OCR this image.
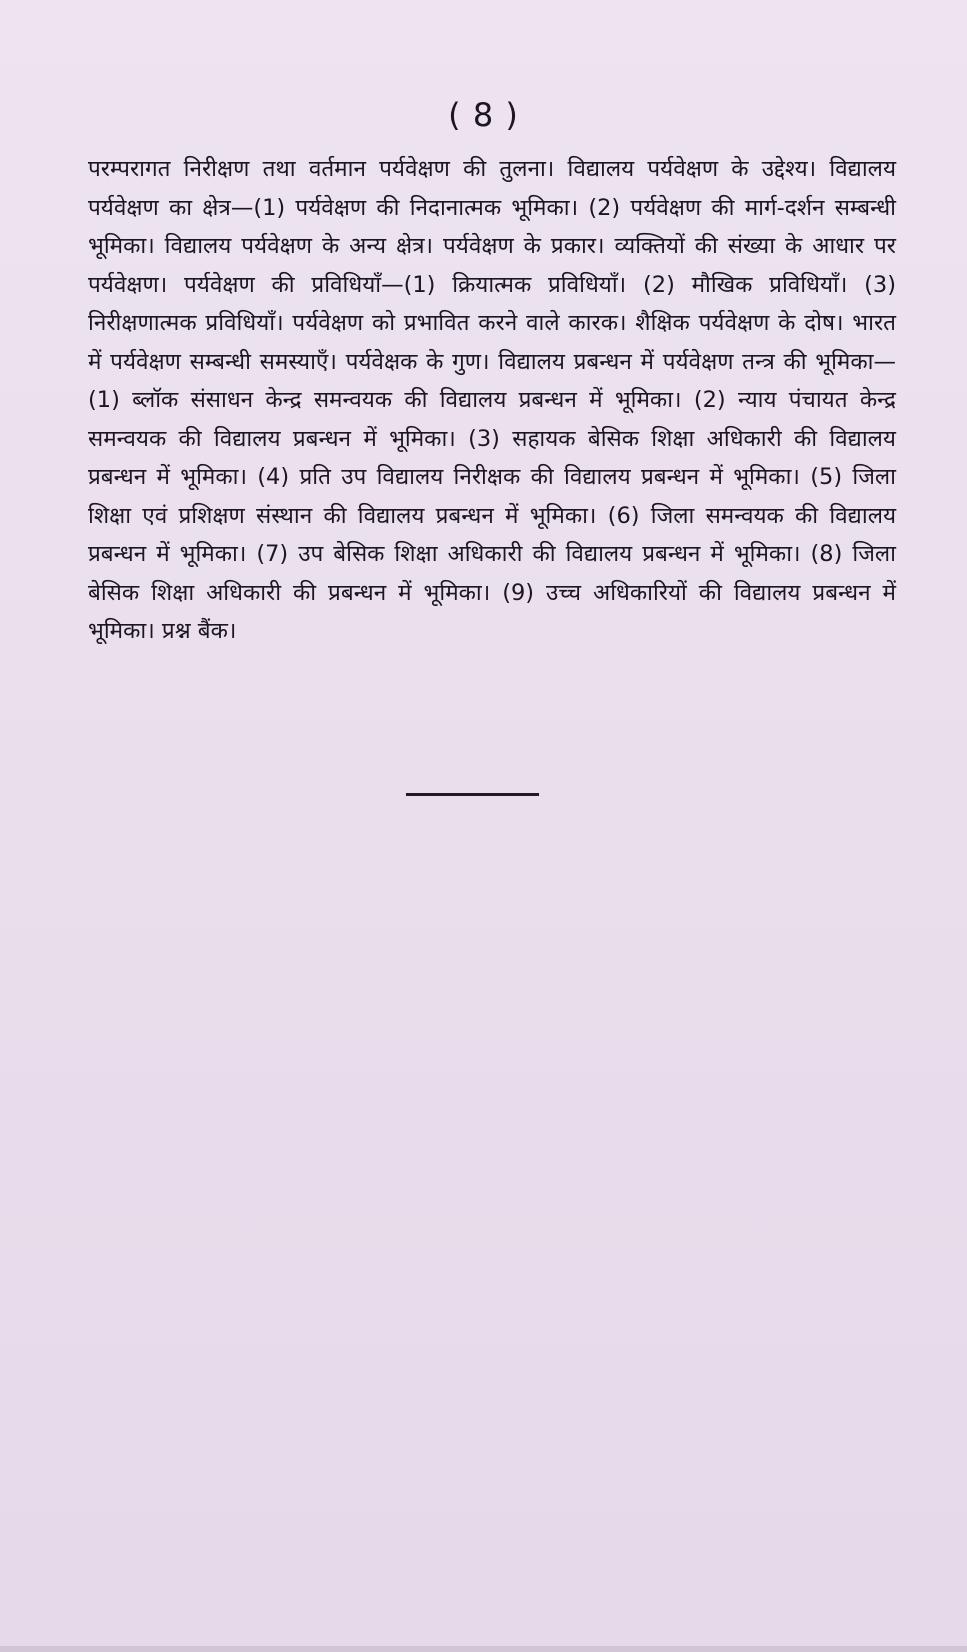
( 8 )

परम्परागत निरीक्षण तथा वर्तमान पर्यवेक्षण की तुलना। विद्यालय पर्यवेक्षण के उद्देश्य। विद्यालय पर्यवेक्षण का क्षेत्र—(1) पर्यवेक्षण की निदानात्मक भूमिका। (2) पर्यवेक्षण की मार्ग-दर्शन सम्बन्धी भूमिका। विद्यालय पर्यवेक्षण के अन्य क्षेत्र। पर्यवेक्षण के प्रकार। व्यक्तियों की संख्या के आधार पर पर्यवेक्षण। पर्यवेक्षण की प्रविधियाँ—(1) क्रियात्मक प्रविधियाँ। (2) मौखिक प्रविधियाँ। (3) निरीक्षणात्मक प्रविधियाँ। पर्यवेक्षण को प्रभावित करने वाले कारक। शैक्षिक पर्यवेक्षण के दोष। भारत में पर्यवेक्षण सम्बन्धी समस्याएँ। पर्यवेक्षक के गुण। विद्यालय प्रबन्धन में पर्यवेक्षण तन्त्र की भूमिका—(1) ब्लॉक संसाधन केन्द्र समन्वयक की विद्यालय प्रबन्धन में भूमिका। (2) न्याय पंचायत केन्द्र समन्वयक की विद्यालय प्रबन्धन में भूमिका। (3) सहायक बेसिक शिक्षा अधिकारी की विद्यालय प्रबन्धन में भूमिका। (4) प्रति उप विद्यालय निरीक्षक की विद्यालय प्रबन्धन में भूमिका। (5) जिला शिक्षा एवं प्रशिक्षण संस्थान की विद्यालय प्रबन्धन में भूमिका। (6) जिला समन्वयक की विद्यालय प्रबन्धन में भूमिका। (7) उप बेसिक शिक्षा अधिकारी की विद्यालय प्रबन्धन में भूमिका। (8) जिला बेसिक शिक्षा अधिकारी की प्रबन्धन में भूमिका। (9) उच्च अधिकारियों की विद्यालय प्रबन्धन में भूमिका। प्रश्न बैंक।
